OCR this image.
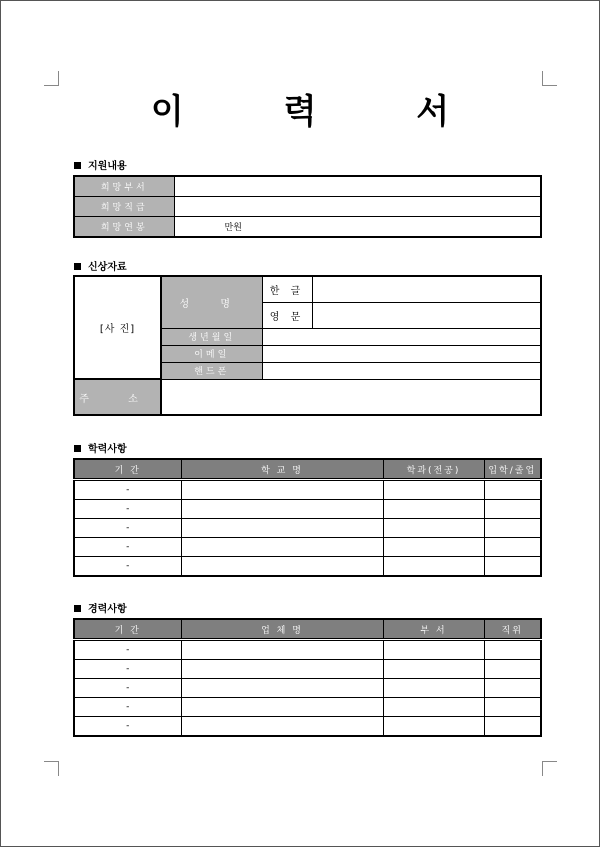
이 력 서
지원내용
희망부서	
희망직급	
희망연봉	만원
신상자료
[사 진]	성 명	한 글	
		영 문	
	생년월일		
	이메일		
	핸드폰		
주 소			
학력사항
기 간	학 교 명	학과(전공)	입학/졸업
-			
-			
-			
-			
-			
경력사항
기 간	업 체 명	부 서	직위
-			
-			
-			
-			
-			
